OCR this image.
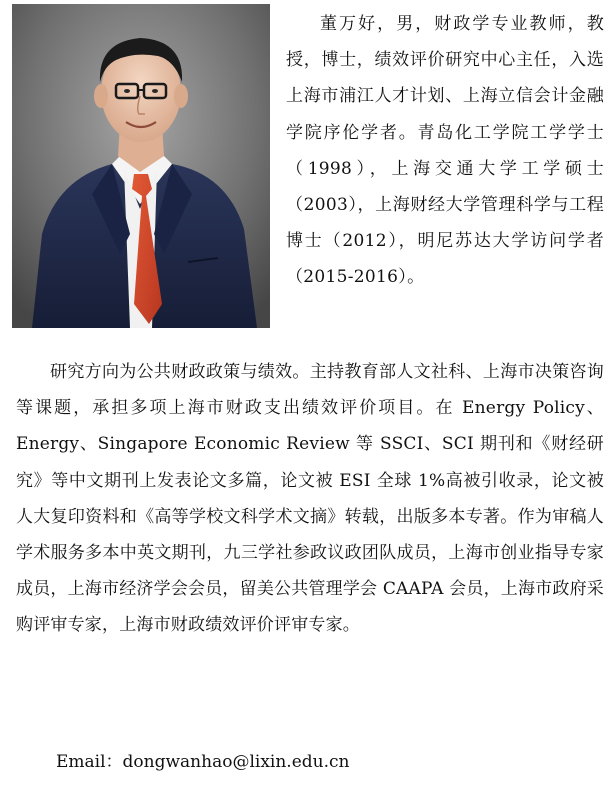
董万好，男，财政学专业教师，教授，博士，绩效评价研究中心主任，入选上海市浦江人才计划、上海立信会计金融学院序伦学者。青岛化工学院工学学士（1998），上海交通大学工学硕士（2003），上海财经大学管理科学与工程博士（2012），明尼苏达大学访问学者（2015-2016）。
研究方向为公共财政政策与绩效。主持教育部人文社科、上海市决策咨询等课题，承担多项上海市财政支出绩效评价项目。在 Energy Policy、Energy、Singapore Economic Review 等 SSCI、SCI 期刊和《财经研究》等中文期刊上发表论文多篇，论文被 ESI 全球 1%高被引收录，论文被人大复印资料和《高等学校文科学术文摘》转载，出版多本专著。作为审稿人学术服务多本中英文期刊，九三学社参政议政团队成员，上海市创业指导专家成员，上海市经济学会会员，留美公共管理学会 CAAPA 会员，上海市政府采购评审专家，上海市财政绩效评价评审专家。
Email：dongwanhao@lixin.edu.cn
